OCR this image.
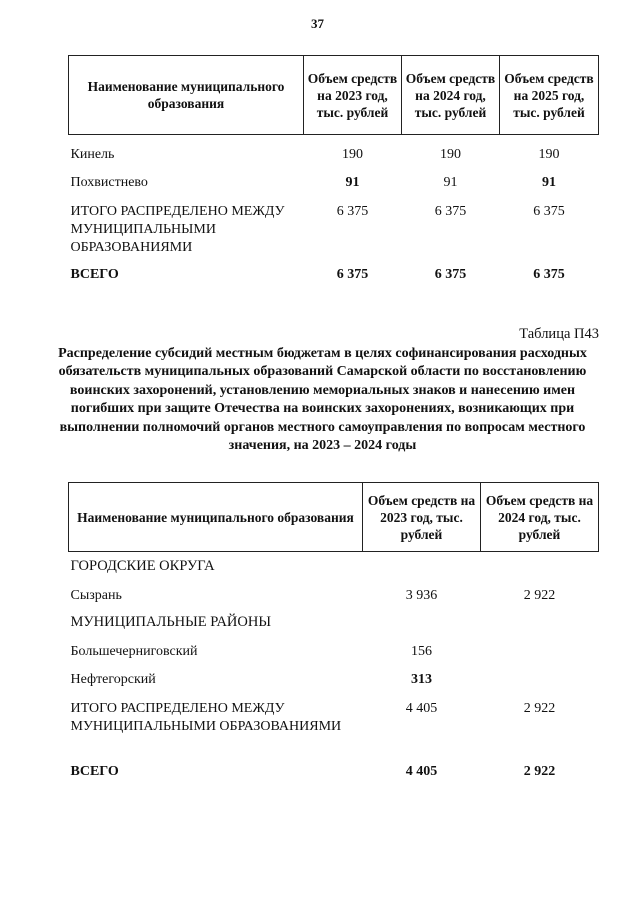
37
Наименование муниципального образования	Объем средств на 2023 год, тыс. рублей	Объем средств на 2024 год, тыс. рублей	Объем средств на 2025 год, тыс. рублей
Кинель	190	190	190
Похвистнево	91	91	91
ИТОГО РАСПРЕДЕЛЕНО МЕЖДУ МУНИЦИПАЛЬНЫМИ ОБРАЗОВАНИЯМИ	6 375	6 375	6 375
ВСЕГО	6 375	6 375	6 375
Таблица П43
Распределение субсидий местным бюджетам в целях софинансирования расходных обязательств муниципальных образований Самарской области по восстановлению воинских захоронений, установлению мемориальных знаков и нанесению имен погибших при защите Отечества на воинских захоронениях, возникающих при выполнении полномочий органов местного самоуправления по вопросам местного значения, на 2023 – 2024 годы
Наименование муниципального образования	Объем средств на 2023 год, тыс. рублей	Объем средств на 2024 год, тыс. рублей
ГОРОДСКИЕ ОКРУГА		
Сызрань	3 936	2 922
МУНИЦИПАЛЬНЫЕ РАЙОНЫ		
Большечерниговский	156	
Нефтегорский	313	
ИТОГО РАСПРЕДЕЛЕНО МЕЖДУ МУНИЦИПАЛЬНЫМИ ОБРАЗОВАНИЯМИ	4 405	2 922
ВСЕГО	4 405	2 922
